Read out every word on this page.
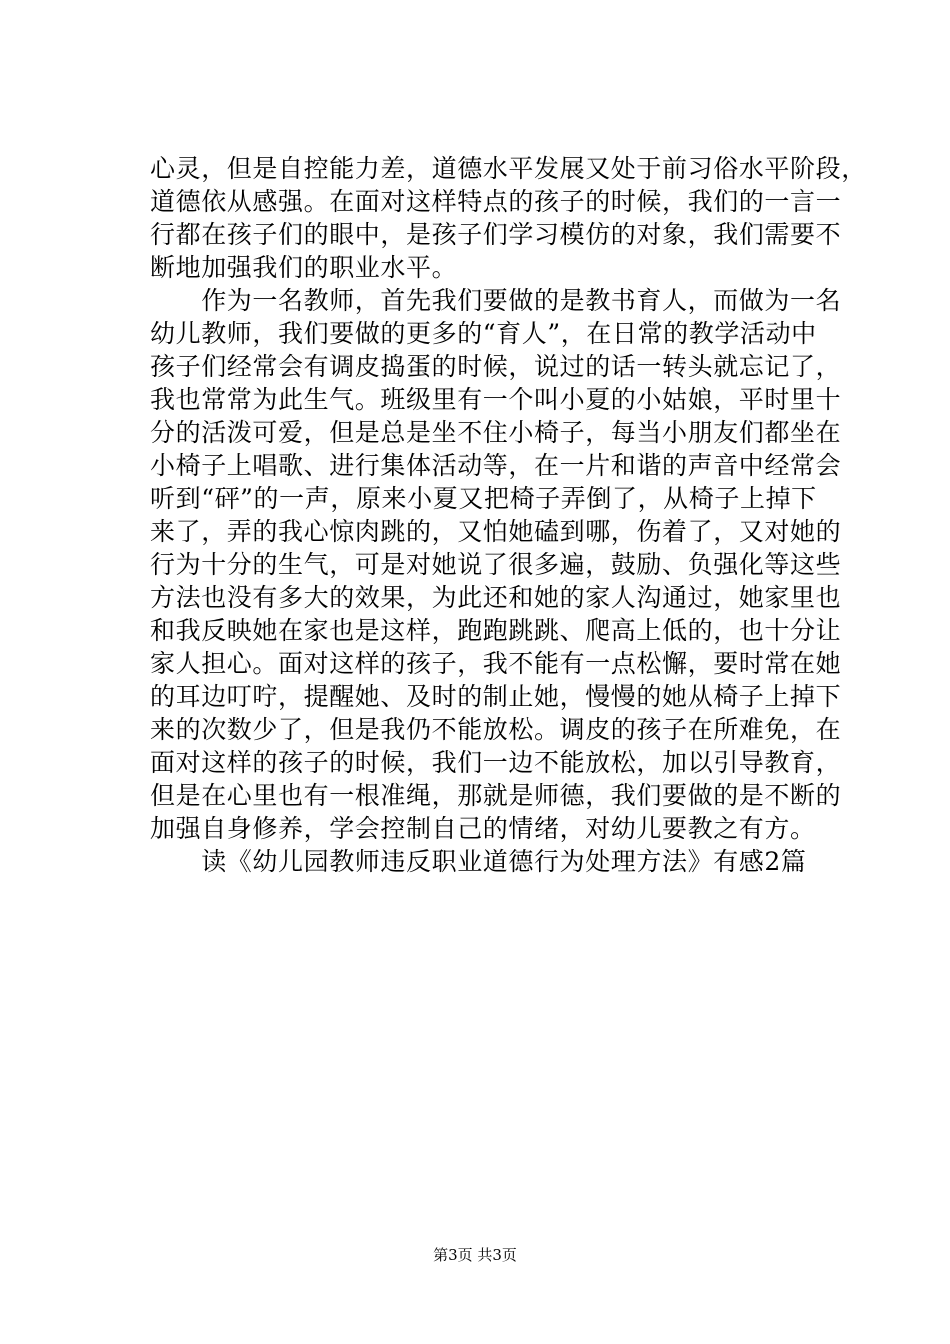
心灵，但是自控能力差，道德水平发展又处于前习俗水平阶段，
道德依从感强。在面对这样特点的孩子的时候，我们的一言一
行都在孩子们的眼中，是孩子们学习模仿的对象，我们需要不
断地加强我们的职业水平。
　　作为一名教师，首先我们要做的是教书育人，而做为一名
幼儿教师，我们要做的更多的“育人”，在日常的教学活动中
孩子们经常会有调皮捣蛋的时候，说过的话一转头就忘记了，
我也常常为此生气。班级里有一个叫小夏的小姑娘，平时里十
分的活泼可爱，但是总是坐不住小椅子，每当小朋友们都坐在
小椅子上唱歌、进行集体活动等，在一片和谐的声音中经常会
听到“砰”的一声，原来小夏又把椅子弄倒了，从椅子上掉下
来了，弄的我心惊肉跳的，又怕她磕到哪，伤着了，又对她的
行为十分的生气，可是对她说了很多遍，鼓励、负强化等这些
方法也没有多大的效果，为此还和她的家人沟通过，她家里也
和我反映她在家也是这样，跑跑跳跳、爬高上低的，也十分让
家人担心。面对这样的孩子，我不能有一点松懈，要时常在她
的耳边叮咛，提醒她、及时的制止她，慢慢的她从椅子上掉下
来的次数少了，但是我仍不能放松。调皮的孩子在所难免，在
面对这样的孩子的时候，我们一边不能放松，加以引导教育，
但是在心里也有一根准绳，那就是师德，我们要做的是不断的
加强自身修养，学会控制自己的情绪，对幼儿要教之有方。
　　读《幼儿园教师违反职业道德行为处理方法》有感2篇
第3页 共3页
